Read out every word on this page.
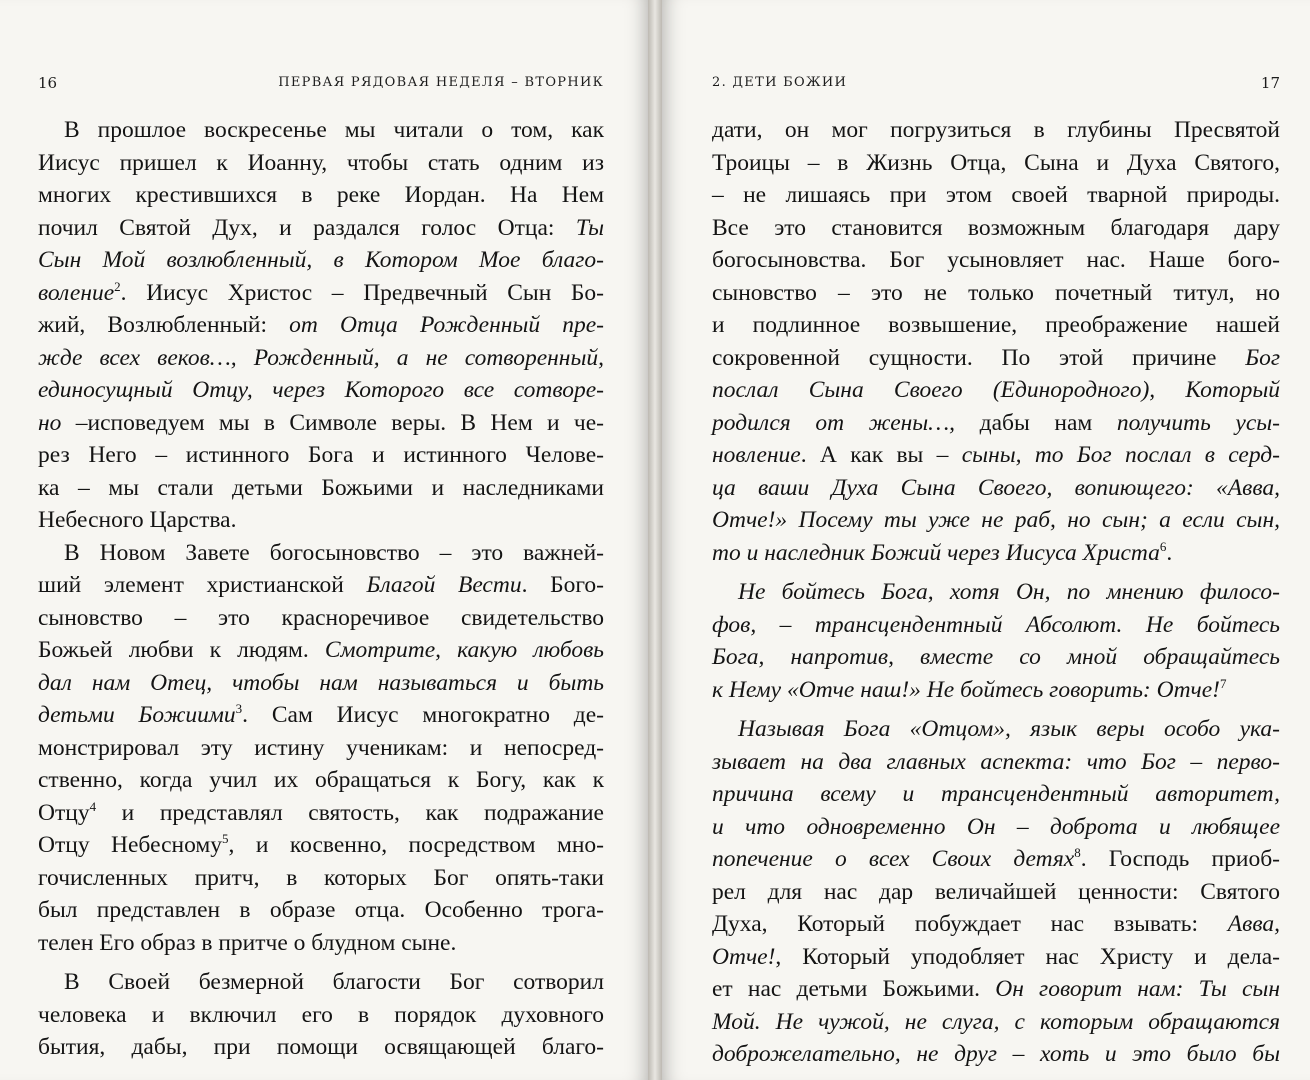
16	ПЕРВАЯ РЯДОВАЯ НЕДЕЛЯ – ВТОРНИК
В прошлое воскресенье мы читали о том, как
Иисус пришел к Иоанну, чтобы стать одним из
многих крестившихся в реке Иордан. На Нем
почил Святой Дух, и раздался голос Отца: Ты
Сын Мой возлюбленный, в Котором Мое благо-
воление$^2$. Иисус Христос – Предвечный Сын Бо-
жий, Возлюбленный: от Отца Рожденный пре-
жде всех веков…, Рожденный, а не сотворенный,
единосущный Отцу, через Которого все сотворе-
но –исповедуем мы в Символе веры. В Нем и че-
рез Него – истинного Бога и истинного Челове-
ка – мы стали детьми Божьими и наследниками
Небесного Царства.
В Новом Завете богосыновство – это важней-
ший элемент христианской Благой Вести. Бого-
сыновство – это красноречивое свидетельство
Божьей любви к людям. Смотрите, какую любовь
дал нам Отец, чтобы нам называться и быть
детьми Божиими$^3$. Сам Иисус многократно де-
монстрировал эту истину ученикам: и непосред-
ственно, когда учил их обращаться к Богу, как к
Отцу$^4$ и представлял святость, как подражание
Отцу Небесному$^5$, и косвенно, посредством мно-
гочисленных притч, в которых Бог опять-таки
был представлен в образе отца. Особенно трога-
телен Его образ в притче о блудном сыне.
В Своей безмерной благости Бог сотворил
человека и включил его в порядок духовного
бытия, дабы, при помощи освящающей благо-
2. ДЕТИ БОЖИИ	17
дати, он мог погрузиться в глубины Пресвятой
Троицы – в Жизнь Отца, Сына и Духа Святого,
– не лишаясь при этом своей тварной природы.
Все это становится возможным благодаря дару
богосыновства. Бог усыновляет нас. Наше бого-
сыновство – это не только почетный титул, но
и подлинное возвышение, преображение нашей
сокровенной сущности. По этой причине Бог
послал Сына Своего (Единородного), Который
родился от жены…, дабы нам получить усы-
новление. А как вы – сыны, то Бог послал в серд-
ца ваши Духа Сына Своего, вопиющего: «Авва,
Отче!» Посему ты уже не раб, но сын; а если сын,
то и наследник Божий через Иисуса Христа$^6$.
Не бойтесь Бога, хотя Он, по мнению филосо-
фов, – трансцендентный Абсолют. Не бойтесь
Бога, напротив, вместе со мной обращайтесь
к Нему «Отче наш!» Не бойтесь говорить: Отче!$^7$
Называя Бога «Отцом», язык веры особо ука-
зывает на два главных аспекта: что Бог – перво-
причина всему и трансцендентный авторитет,
и что одновременно Он – доброта и любящее
попечение о всех Своих детях$^8$. Господь приоб-
рел для нас дар величайшей ценности: Святого
Духа, Который побуждает нас взывать: Авва,
Отче!, Который уподобляет нас Христу и дела-
ет нас детьми Божьими. Он говорит нам: Ты сын
Мой. Не чужой, не слуга, с которым обращаются
доброжелательно, не друг – хоть и это было бы
